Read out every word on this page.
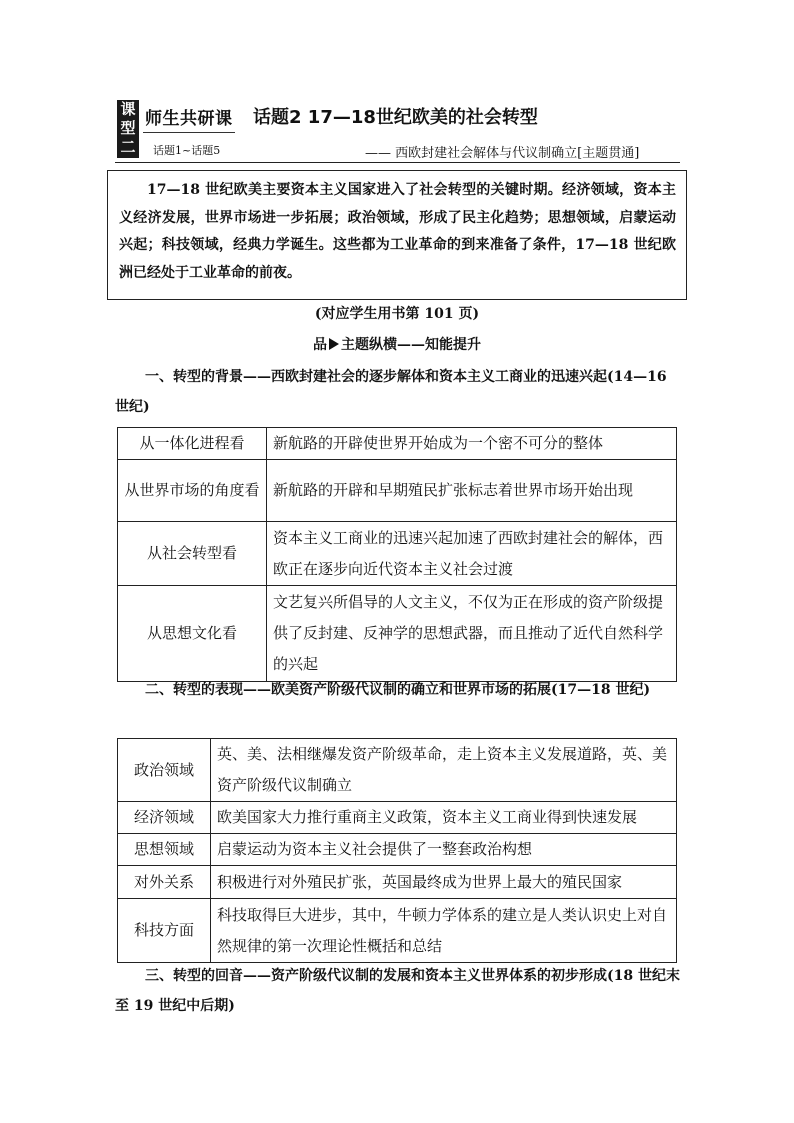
课
型
二
师生共研课
话题1~话题5
话题2 17—18世纪欧美的社会转型
—— 西欧封建社会解体与代议制确立[主题贯通]

17—18 世纪欧美主要资本主义国家进入了社会转型的关键时期。经济领域，资本主义经济发展，世界市场进一步拓展；政治领域，形成了民主化趋势；思想领域，启蒙运动兴起；科技领域，经典力学诞生。这些都为工业革命的到来准备了条件，17—18 世纪欧洲已经处于工业革命的前夜。

(对应学生用书第 101 页)
品 主题纵横——知能提升
一、转型的背景——西欧封建社会的逐步解体和资本主义工商业的迅速兴起(14—16 世纪)
从一体化进程看	新航路的开辟使世界开始成为一个密不可分的整体
从世界市场的角度看	新航路的开辟和早期殖民扩张标志着世界市场开始出现
从社会转型看	资本主义工商业的迅速兴起加速了西欧封建社会的解体，西欧正在逐步向近代资本主义社会过渡
从思想文化看	文艺复兴所倡导的人文主义，不仅为正在形成的资产阶级提供了反封建、反神学的思想武器，而且推动了近代自然科学的兴起
二、转型的表现——欧美资产阶级代议制的确立和世界市场的拓展(17—18 世纪)
政治领域	英、美、法相继爆发资产阶级革命，走上资本主义发展道路，英、美资产阶级代议制确立
经济领域	欧美国家大力推行重商主义政策，资本主义工商业得到快速发展
思想领域	启蒙运动为资本主义社会提供了一整套政治构想
对外关系	积极进行对外殖民扩张，英国最终成为世界上最大的殖民国家
科技方面	科技取得巨大进步，其中，牛顿力学体系的建立是人类认识史上对自然规律的第一次理论性概括和总结
三、转型的回音——资产阶级代议制的发展和资本主义世界体系的初步形成(18 世纪末至 19 世纪中后期)
